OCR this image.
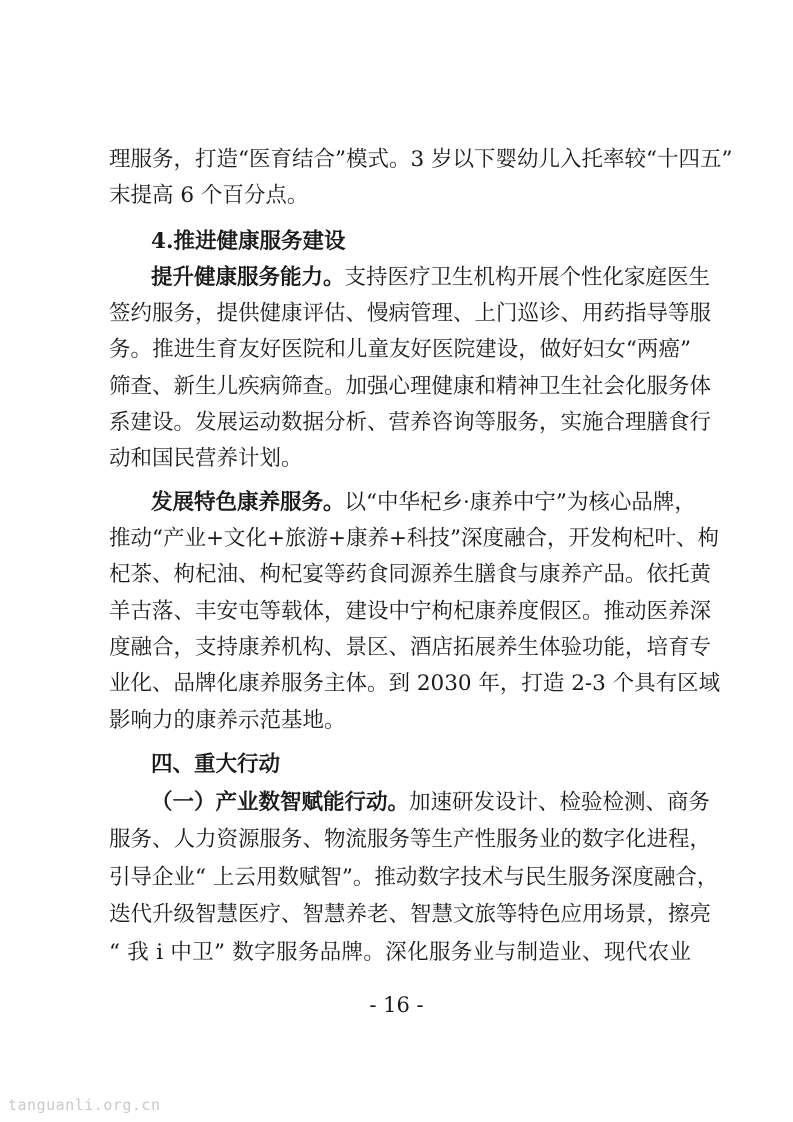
理服务，打造“医育结合”模式。3 岁以下婴幼儿入托率较“十四五”
末提高 6 个百分点。
4.推进健康服务建设
提升健康服务能力。支持医疗卫生机构开展个性化家庭医生
签约服务，提供健康评估、慢病管理、上门巡诊、用药指导等服
务。推进生育友好医院和儿童友好医院建设，做好妇女“两癌”
筛查、新生儿疾病筛查。加强心理健康和精神卫生社会化服务体
系建设。发展运动数据分析、营养咨询等服务，实施合理膳食行
动和国民营养计划。
发展特色康养服务。以“中华杞乡·康养中宁”为核心品牌，
推动“产业+文化+旅游+康养+科技”深度融合，开发枸杞叶、枸
杞茶、枸杞油、枸杞宴等药食同源养生膳食与康养产品。依托黄
羊古落、丰安屯等载体，建设中宁枸杞康养度假区。推动医养深
度融合，支持康养机构、景区、酒店拓展养生体验功能，培育专
业化、品牌化康养服务主体。到 2030 年，打造 2-3 个具有区域
影响力的康养示范基地。
四、重大行动
（一）产业数智赋能行动。加速研发设计、检验检测、商务
服务、人力资源服务、物流服务等生产性服务业的数字化进程，
引导企业“ 上云用数赋智”。推动数字技术与民生服务深度融合，
迭代升级智慧医疗、智慧养老、智慧文旅等特色应用场景，擦亮
“ 我 i 中卫” 数字服务品牌。深化服务业与制造业、现代农业
- 16 -
tanguanli.org.cn
